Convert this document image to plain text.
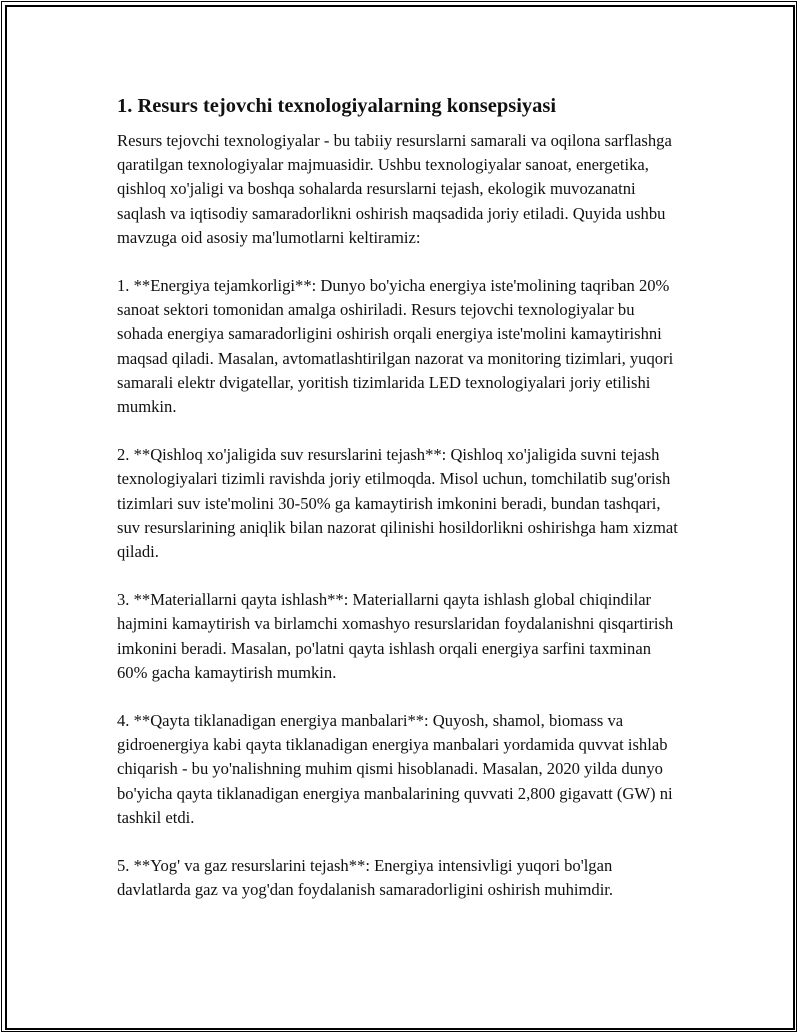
1. Resurs tejovchi texnologiyalarning konsepsiyasi

Resurs tejovchi texnologiyalar - bu tabiiy resurslarni samarali va oqilona sarflashga qaratilgan texnologiyalar majmuasidir. Ushbu texnologiyalar sanoat, energetika, qishloq xo'jaligi va boshqa sohalarda resurslarni tejash, ekologik muvozanatni saqlash va iqtisodiy samaradorlikni oshirish maqsadida joriy etiladi. Quyida ushbu mavzuga oid asosiy ma'lumotlarni keltiramiz:

1. **Energiya tejamkorligi**: Dunyo bo'yicha energiya iste'molining taqriban 20% sanoat sektori tomonidan amalga oshiriladi. Resurs tejovchi texnologiyalar bu sohada energiya samaradorligini oshirish orqali energiya iste'molini kamaytirishni maqsad qiladi. Masalan, avtomatlashtirilgan nazorat va monitoring tizimlari, yuqori samarali elektr dvigatellar, yoritish tizimlarida LED texnologiyalari joriy etilishi mumkin.

2. **Qishloq xo'jaligida suv resurslarini tejash**: Qishloq xo'jaligida suvni tejash texnologiyalari tizimli ravishda joriy etilmoqda. Misol uchun, tomchilatib sug'orish tizimlari suv iste'molini 30-50% ga kamaytirish imkonini beradi, bundan tashqari, suv resurslarining aniqlik bilan nazorat qilinishi hosildorlikni oshirishga ham xizmat qiladi.

3. **Materiallarni qayta ishlash**: Materiallarni qayta ishlash global chiqindilar hajmini kamaytirish va birlamchi xomashyo resurslaridan foydalanishni qisqartirish imkonini beradi. Masalan, po'latni qayta ishlash orqali energiya sarfini taxminan 60% gacha kamaytirish mumkin.

4. **Qayta tiklanadigan energiya manbalari**: Quyosh, shamol, biomass va gidroenergiya kabi qayta tiklanadigan energiya manbalari yordamida quvvat ishlab chiqarish - bu yo'nalishning muhim qismi hisoblanadi. Masalan, 2020 yilda dunyo bo'yicha qayta tiklanadigan energiya manbalarining quvvati 2,800 gigavatt (GW) ni tashkil etdi.

5. **Yog' va gaz resurslarini tejash**: Energiya intensivligi yuqori bo'lgan davlatlarda gaz va yog'dan foydalanish samaradorligini oshirish muhimdir.
